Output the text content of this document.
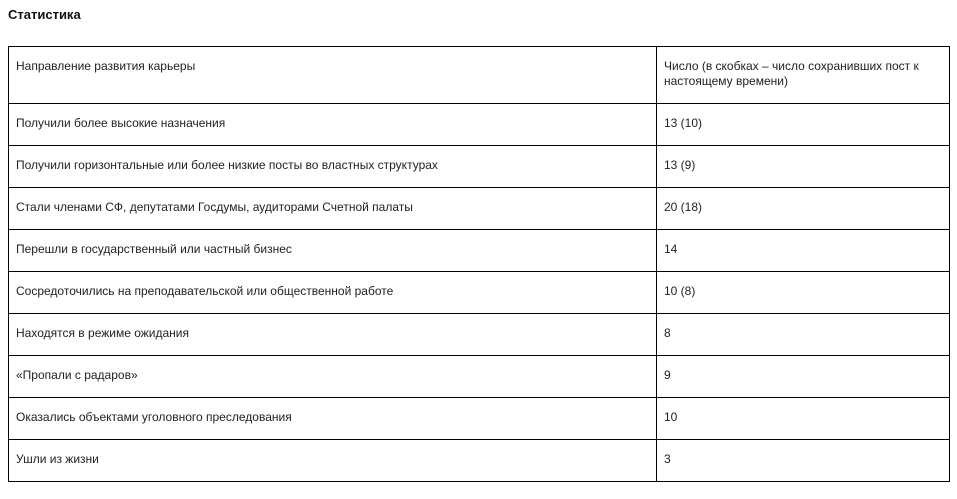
Статистика
Направление развития карьеры	Число (в скобках – число сохранивших пост к настоящему времени)
Получили более высокие назначения	13 (10)
Получили горизонтальные или более низкие посты во властных структурах	13 (9)
Стали членами СФ, депутатами Госдумы, аудиторами Счетной палаты	20 (18)
Перешли в государственный или частный бизнес	14
Сосредоточились на преподавательской или общественной работе	10 (8)
Находятся в режиме ожидания	8
«Пропали с радаров»	9
Оказались объектами уголовного преследования	10
Ушли из жизни	3
